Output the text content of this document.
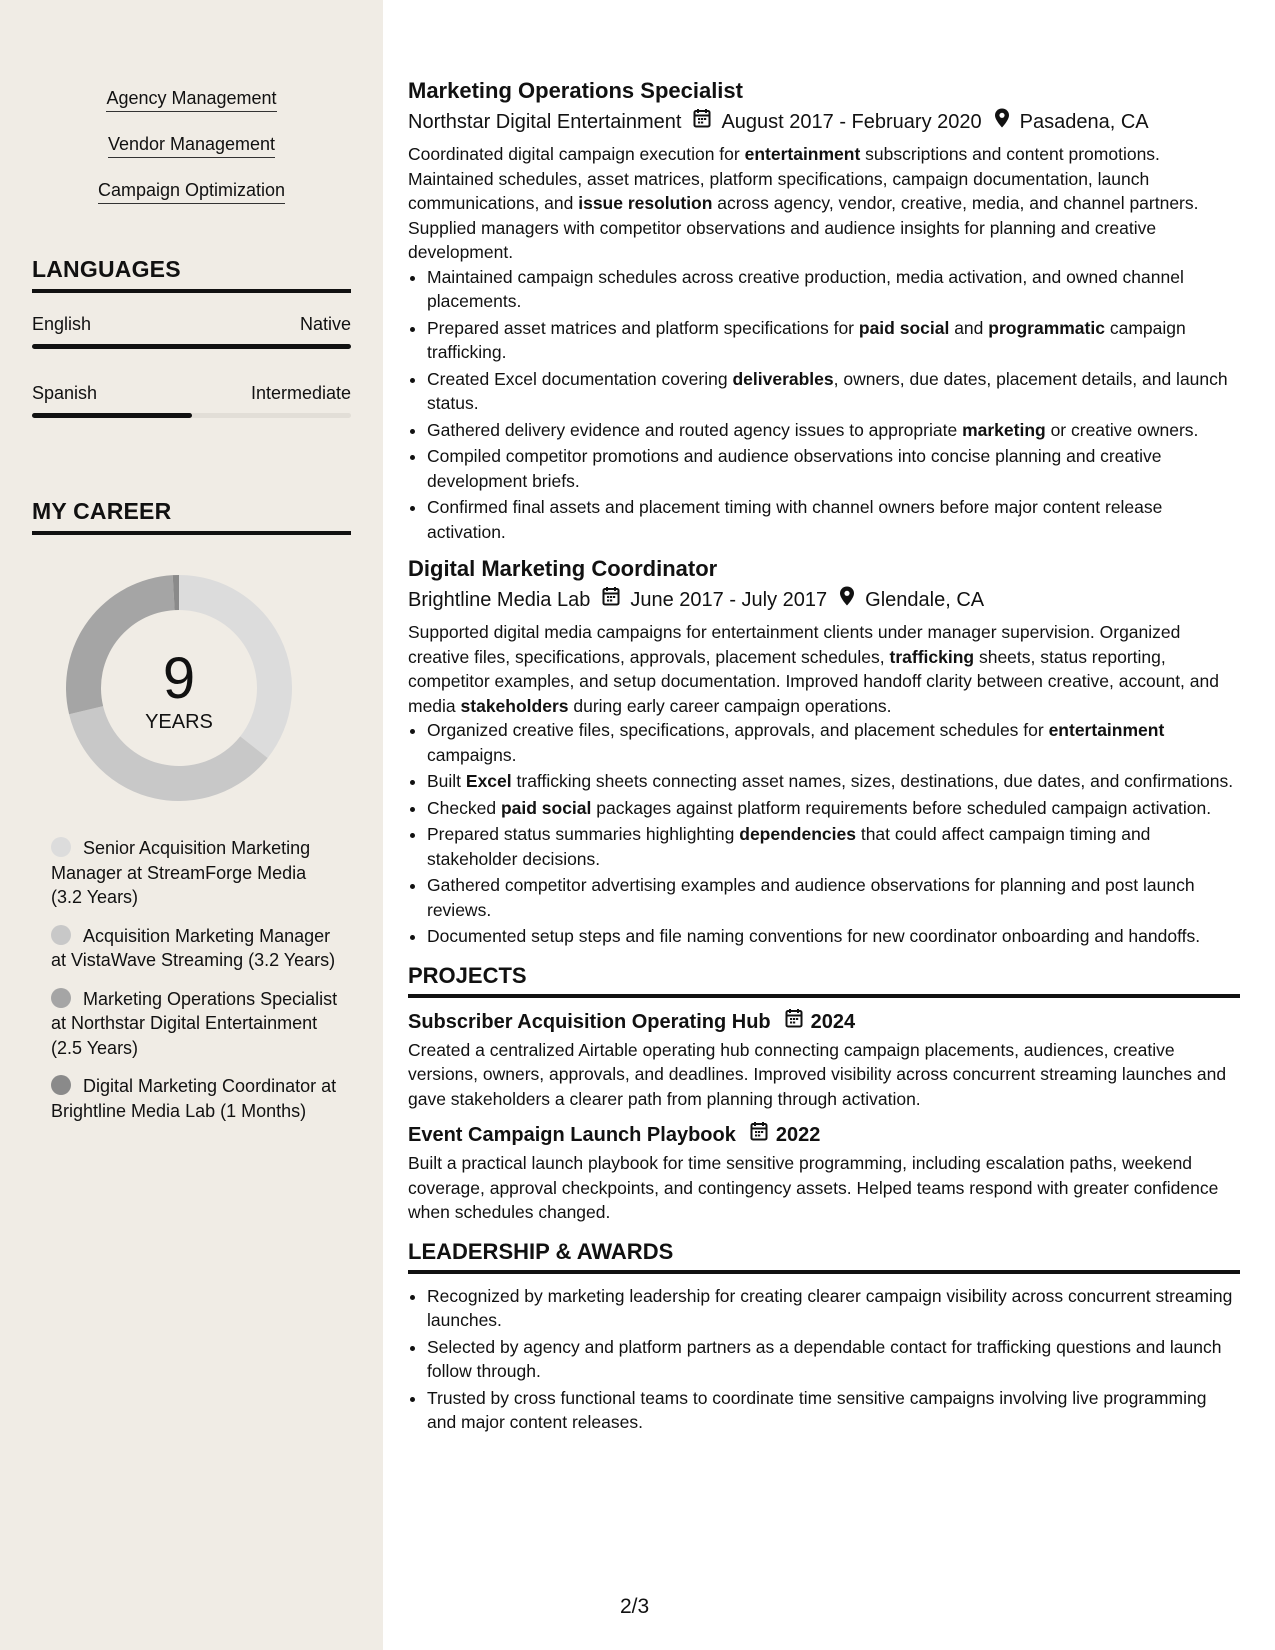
Agency Management
Vendor Management
Campaign Optimization
LANGUAGES
English	Native
Spanish	Intermediate
MY CAREER
9
YEARS
Senior Acquisition Marketing Manager at StreamForge Media (3.2 Years)
Acquisition Marketing Manager at VistaWave Streaming (3.2 Years)
Marketing Operations Specialist at Northstar Digital Entertainment (2.5 Years)
Digital Marketing Coordinator at Brightline Media Lab (1 Months)
Marketing Operations Specialist
Northstar Digital Entertainment August 2017 - February 2020 Pasadena, CA

Coordinated digital campaign execution for entertainment subscriptions and content promotions. Maintained schedules, asset matrices, platform specifications, campaign documentation, launch communications, and issue resolution across agency, vendor, creative, media, and channel partners. Supplied managers with competitor observations and audience insights for planning and creative development.

• Maintained campaign schedules across creative production, media activation, and owned channel placements.
• Prepared asset matrices and platform specifications for paid social and programmatic campaign trafficking.
• Created Excel documentation covering deliverables, owners, due dates, placement details, and launch status.
• Gathered delivery evidence and routed agency issues to appropriate marketing or creative owners.
• Compiled competitor promotions and audience observations into concise planning and creative development briefs.
• Confirmed final assets and placement timing with channel owners before major content release activation.
Digital Marketing Coordinator
Brightline Media Lab June 2017 - July 2017 Glendale, CA

Supported digital media campaigns for entertainment clients under manager supervision. Organized creative files, specifications, approvals, placement schedules, trafficking sheets, status reporting, competitor examples, and setup documentation. Improved handoff clarity between creative, account, and media stakeholders during early career campaign operations.

• Organized creative files, specifications, approvals, and placement schedules for entertainment campaigns.
• Built Excel trafficking sheets connecting asset names, sizes, destinations, due dates, and confirmations.
• Checked paid social packages against platform requirements before scheduled campaign activation.
• Prepared status summaries highlighting dependencies that could affect campaign timing and stakeholder decisions.
• Gathered competitor advertising examples and audience observations for planning and post launch reviews.
• Documented setup steps and file naming conventions for new coordinator onboarding and handoffs.
PROJECTS
Subscriber Acquisition Operating Hub 2024

Created a centralized Airtable operating hub connecting campaign placements, audiences, creative versions, owners, approvals, and deadlines. Improved visibility across concurrent streaming launches and gave stakeholders a clearer path from planning through activation.

Event Campaign Launch Playbook 2022

Built a practical launch playbook for time sensitive programming, including escalation paths, weekend coverage, approval checkpoints, and contingency assets. Helped teams respond with greater confidence when schedules changed.

LEADERSHIP & AWARDS
• Recognized by marketing leadership for creating clearer campaign visibility across concurrent streaming launches.
• Selected by agency and platform partners as a dependable contact for trafficking questions and launch follow through.
• Trusted by cross functional teams to coordinate time sensitive campaigns involving live programming and major content releases.
2/3
